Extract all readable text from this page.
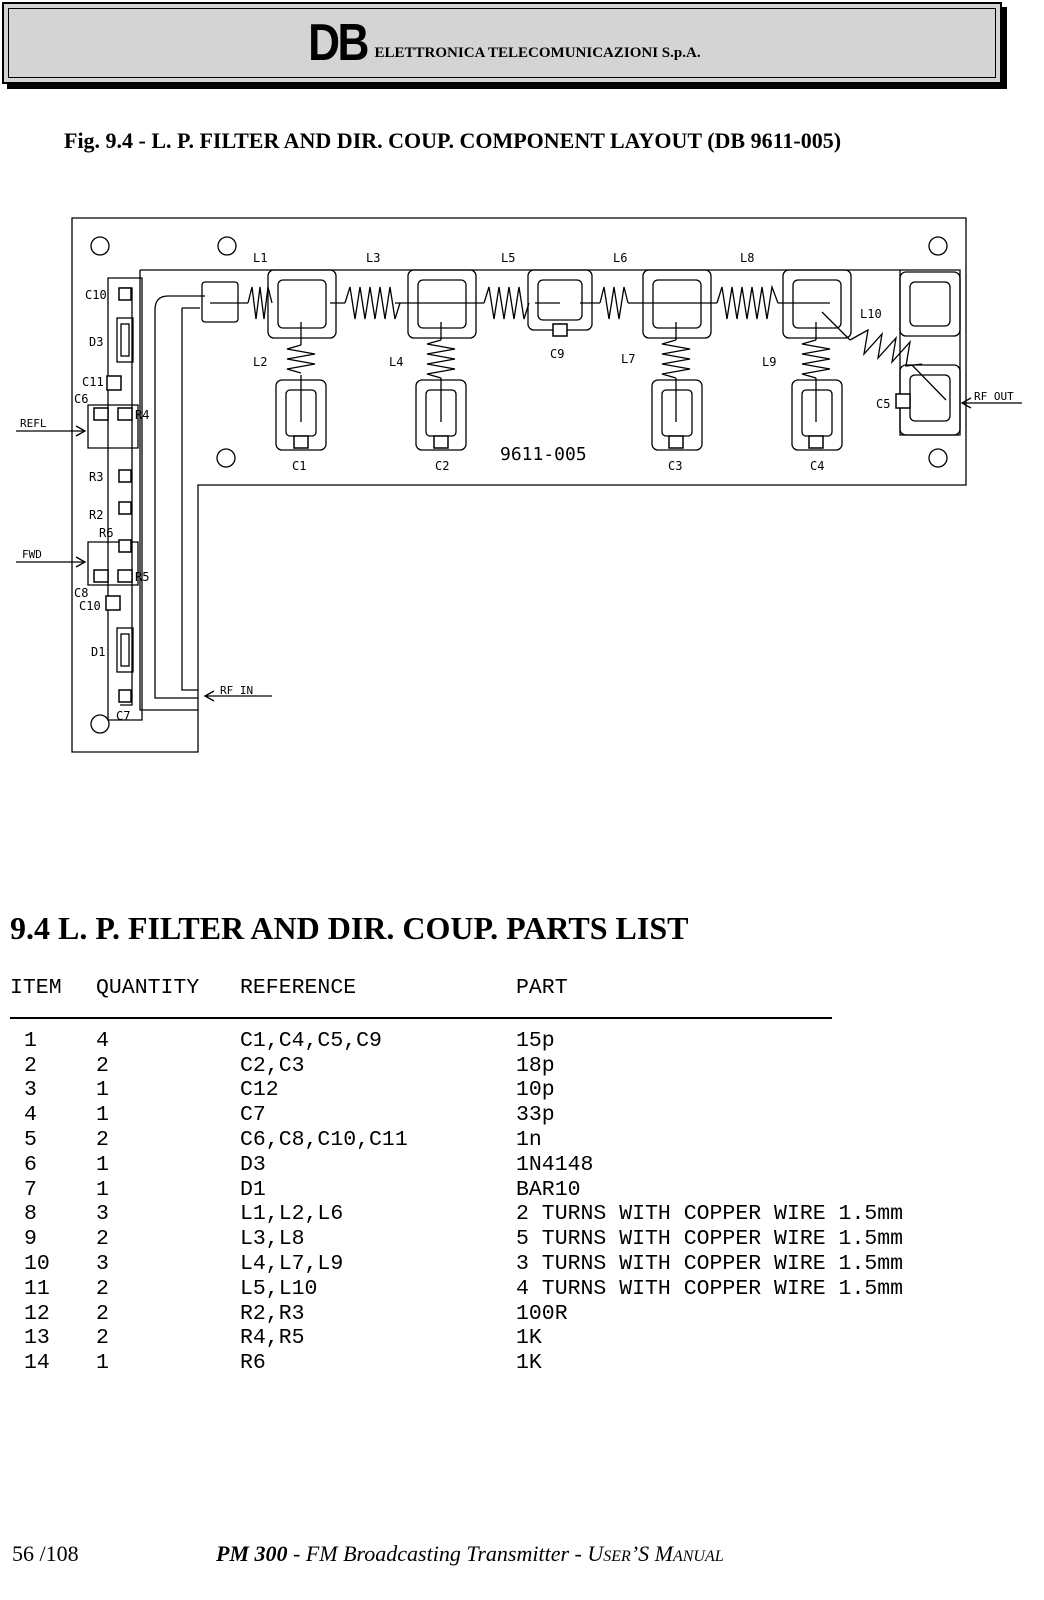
DB ELETTRONICA TELECOMUNICAZIONI S.p.A.
Fig. 9.4 - L. P. FILTER AND DIR. COUP. COMPONENT LAYOUT (DB 9611-005)
L1	L3	L5	L6	L8
L10
L2	L4	L7	L9
C9
C1	C2	C3	C4
C5
9611-005
RF OUT
RF IN
REFL
FWD
C10
D3
C11
C6
R4
R3
R2
R6
R5
C8
C10
D1
C7
9.4 L. P. FILTER AND DIR. COUP. PARTS LIST
ITEM	QUANTITY	REFERENCE	PART
1	4	C1,C4,C5,C9	15p
2	2	C2,C3	18p
3	1	C12	10p
4	1	C7	33p
5	2	C6,C8,C10,C11	1n
6	1	D3	1N4148
7	1	D1	BAR10
8	3	L1,L2,L6	2 TURNS WITH COPPER WIRE 1.5mm
9	2	L3,L8	5 TURNS WITH COPPER WIRE 1.5mm
10	3	L4,L7,L9	3 TURNS WITH COPPER WIRE 1.5mm
11	2	L5,L10	4 TURNS WITH COPPER WIRE 1.5mm
12	2	R2,R3	100R
13	2	R4,R5	1K
14	1	R6	1K
56 /108	PM 300 - FM Broadcasting Transmitter - USER’S MANUAL
